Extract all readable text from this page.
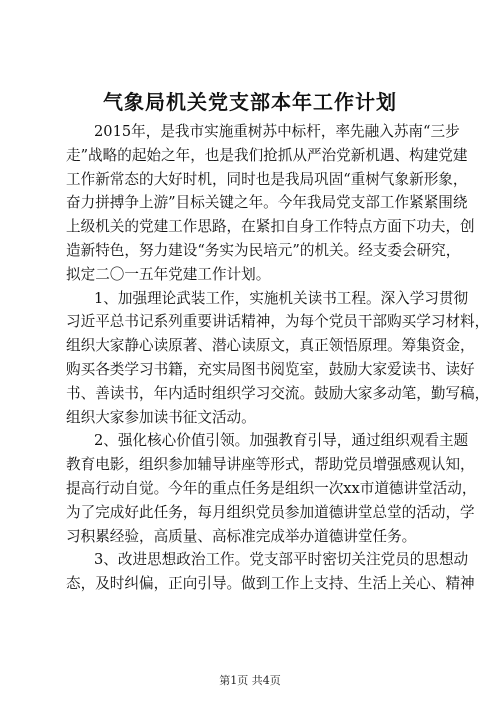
气象局机关党支部本年工作计划
2015年，是我市实施重树苏中标杆，率先融入苏南“三步
走”战略的起始之年，也是我们抢抓从严治党新机遇、构建党建
工作新常态的大好时机，同时也是我局巩固“重树气象新形象，
奋力拼搏争上游”目标关键之年。今年我局党支部工作紧紧围绕
上级机关的党建工作思路，在紧扣自身工作特点方面下功夫，创
造新特色，努力建设“务实为民培元”的机关。经支委会研究，
拟定二〇一五年党建工作计划。
1、加强理论武装工作，实施机关读书工程。深入学习贯彻
习近平总书记系列重要讲话精神，为每个党员干部购买学习材料，
组织大家静心读原著、潜心读原文，真正领悟原理。筹集资金，
购买各类学习书籍，充实局图书阅览室，鼓励大家爱读书、读好
书、善读书，年内适时组织学习交流。鼓励大家多动笔，勤写稿，
组织大家参加读书征文活动。
2、强化核心价值引领。加强教育引导，通过组织观看主题
教育电影，组织参加辅导讲座等形式，帮助党员增强感观认知，
提高行动自觉。今年的重点任务是组织一次xx市道德讲堂活动，
为了完成好此任务，每月组织党员参加道德讲堂总堂的活动，学
习积累经验，高质量、高标准完成举办道德讲堂任务。
3、改进思想政治工作。党支部平时密切关注党员的思想动
态，及时纠偏，正向引导。做到工作上支持、生活上关心、精神
第1页 共4页
